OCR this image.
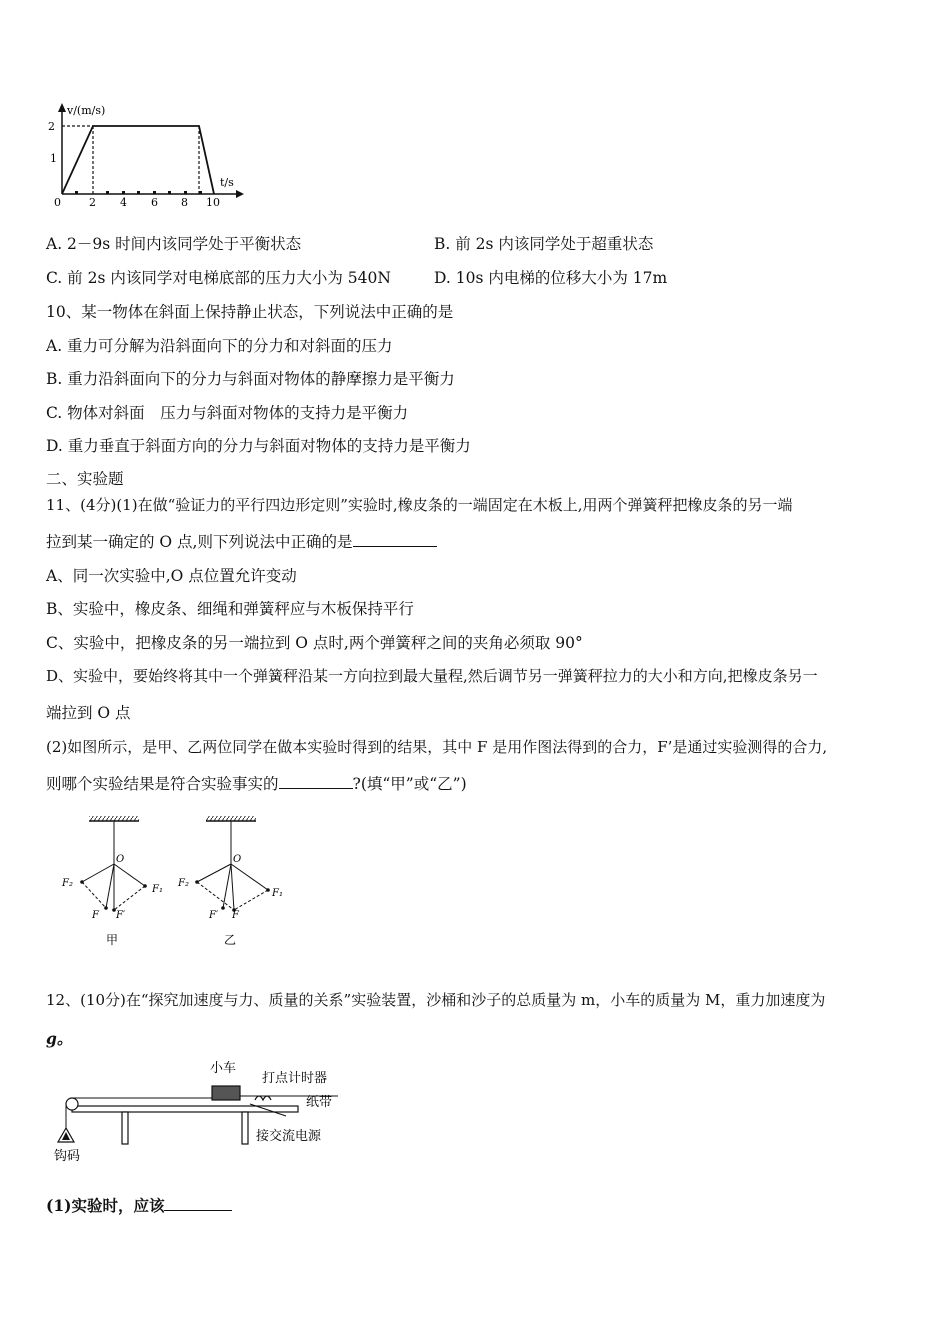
v/(m/s)
t/s
2
1
0	2 4 6 8 10
A. 2－9s 时间内该同学处于平衡状态	B. 前 2s 内该同学处于超重状态
C. 前 2s 内该同学对电梯底部的压力大小为 540N	D. 10s 内电梯的位移大小为 17m
10、某一物体在斜面上保持静止状态，下列说法中正确的是
A. 重力可分解为沿斜面向下的分力和对斜面的压力
B. 重力沿斜面向下的分力与斜面对物体的静摩擦力是平衡力
C. 物体对斜面　压力与斜面对物体的支持力是平衡力
D. 重力垂直于斜面方向的分力与斜面对物体的支持力是平衡力
二、实验题
11、(4分)(1)在做“验证力的平行四边形定则”实验时,橡皮条的一端固定在木板上,用两个弹簧秤把橡皮条的另一端
拉到某一确定的 O 点,则下列说法中正确的是
A、同一次实验中,O 点位置允许变动
B、实验中，橡皮条、细绳和弹簧秤应与木板保持平行
C、实验中，把橡皮条的另一端拉到 O 点时,两个弹簧秤之间的夹角必须取 90°
D、实验中，要始终将其中一个弹簧秤沿某一方向拉到最大量程,然后调节另一弹簧秤拉力的大小和方向,把橡皮条另一
端拉到 O 点
(2)如图所示，是甲、乙两位同学在做本实验时得到的结果，其中 F 是用作图法得到的合力，F’是通过实验测得的合力,
则哪个实验结果是符合实验事实的	?(填“甲”或“乙”)
O
F₂
F₁
F F′
甲
O
F₂
F₁
F′ F
乙
12、(10分)在“探究加速度与力、质量的关系”实验装置，沙桶和沙子的总质量为 m，小车的质量为 M，重力加速度为
g。
小车
打点计时器
纸带
接交流电源
钩码
(1)实验时，应该
